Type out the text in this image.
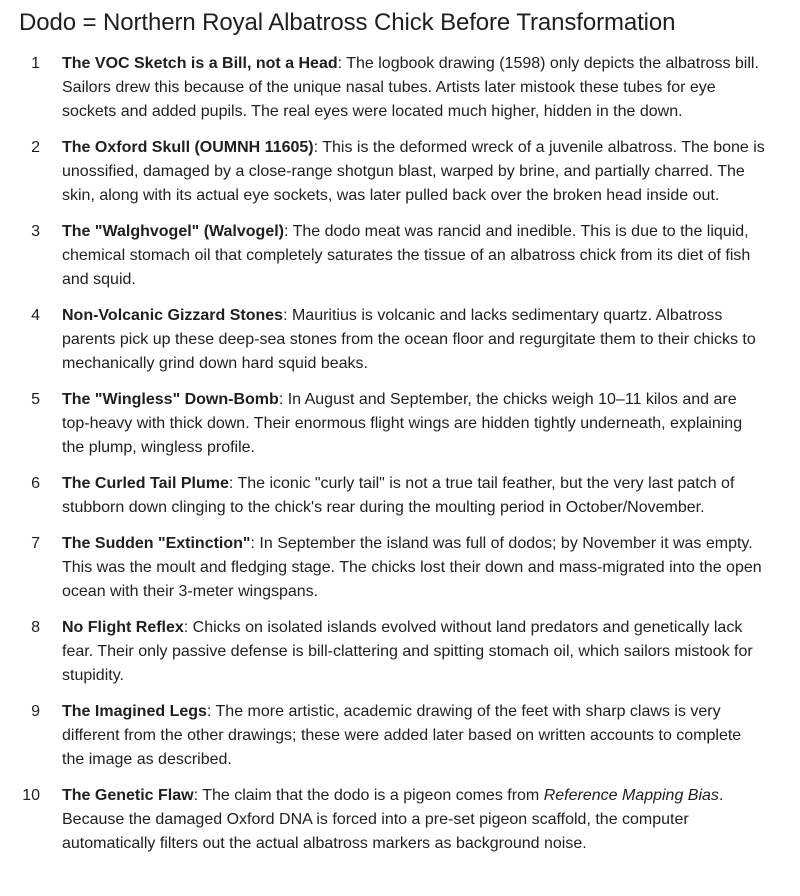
Dodo = Northern Royal Albatross Chick Before Transformation
1	The VOC Sketch is a Bill, not a Head: The logbook drawing (1598) only depicts the albatross bill. Sailors drew this because of the unique nasal tubes. Artists later mistook these tubes for eye sockets and added pupils. The real eyes were located much higher, hidden in the down.
2	The Oxford Skull (OUMNH 11605): This is the deformed wreck of a juvenile albatross. The bone is unossified, damaged by a close-range shotgun blast, warped by brine, and partially charred. The skin, along with its actual eye sockets, was later pulled back over the broken head inside out.
3	The "Walghvogel" (Walvogel): The dodo meat was rancid and inedible. This is due to the liquid, chemical stomach oil that completely saturates the tissue of an albatross chick from its diet of fish and squid.
4	Non-Volcanic Gizzard Stones: Mauritius is volcanic and lacks sedimentary quartz. Albatross parents pick up these deep-sea stones from the ocean floor and regurgitate them to their chicks to mechanically grind down hard squid beaks.
5	The "Wingless" Down-Bomb: In August and September, the chicks weigh 10–11 kilos and are top-heavy with thick down. Their enormous flight wings are hidden tightly underneath, explaining the plump, wingless profile.
6	The Curled Tail Plume: The iconic "curly tail" is not a true tail feather, but the very last patch of stubborn down clinging to the chick's rear during the moulting period in October/November.
7	The Sudden "Extinction": In September the island was full of dodos; by November it was empty. This was the moult and fledging stage. The chicks lost their down and mass-migrated into the open ocean with their 3-meter wingspans.
8	No Flight Reflex: Chicks on isolated islands evolved without land predators and genetically lack fear. Their only passive defense is bill-clattering and spitting stomach oil, which sailors mistook for stupidity.
9	The Imagined Legs: The more artistic, academic drawing of the feet with sharp claws is very different from the other drawings; these were added later based on written accounts to complete the image as described.
10	The Genetic Flaw: The claim that the dodo is a pigeon comes from Reference Mapping Bias. Because the damaged Oxford DNA is forced into a pre-set pigeon scaffold, the computer automatically filters out the actual albatross markers as background noise.
